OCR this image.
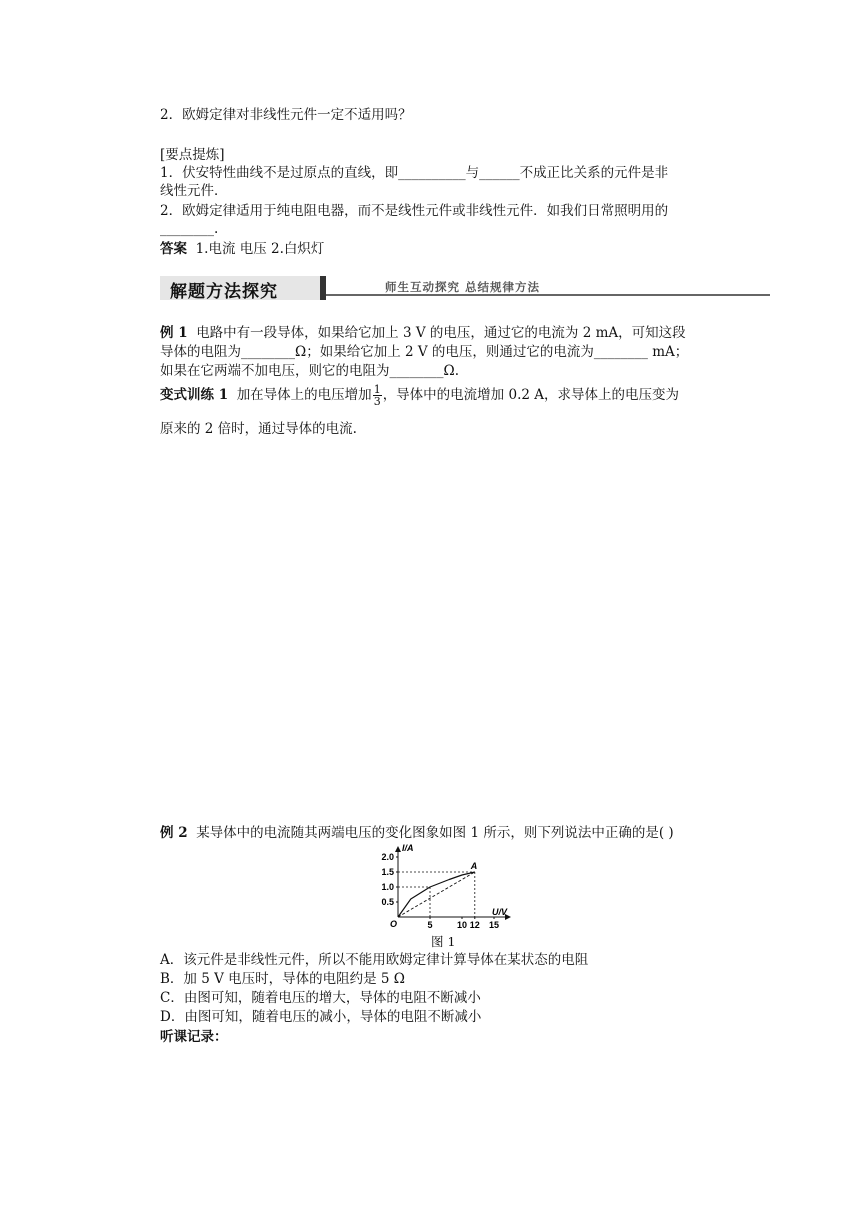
2．欧姆定律对非线性元件一定不适用吗？
[要点提炼]
1．伏安特性曲线不是过原点的直线，即__________与______不成正比关系的元件是非
线性元件．
2．欧姆定律适用于纯电阻电器，而不是线性元件或非线性元件．如我们日常照明用的
________.
答案 1.电流 电压 2.白炽灯
解题方法探究	师生互动探究 总结规律方法
例 1 电路中有一段导体，如果给它加上 3 V 的电压，通过它的电流为 2 mA，可知这段
导体的电阻为________Ω；如果给它加上 2 V 的电压，则通过它的电流为________ mA；
如果在它两端不加电压，则它的电阻为________Ω.
变式训练 1 加在导体上的电压增加 $\frac{1}{3}$ ，导体中的电流增加 0.2 A，求导体上的电压变为
原来的 2 倍时，通过导体的电流.
例 2 某导体中的电流随其两端电压的变化图象如图 1 所示，则下列说法中正确的是( )
2.0
1.5
1.0
0.5
5	10 12 15
I/A
U/V
O
A
图 1
A．该元件是非线性元件，所以不能用欧姆定律计算导体在某状态的电阻
B．加 5 V 电压时，导体的电阻约是 5 Ω
C．由图可知，随着电压的增大，导体的电阻不断减小
D．由图可知，随着电压的减小，导体的电阻不断减小
听课记录：
